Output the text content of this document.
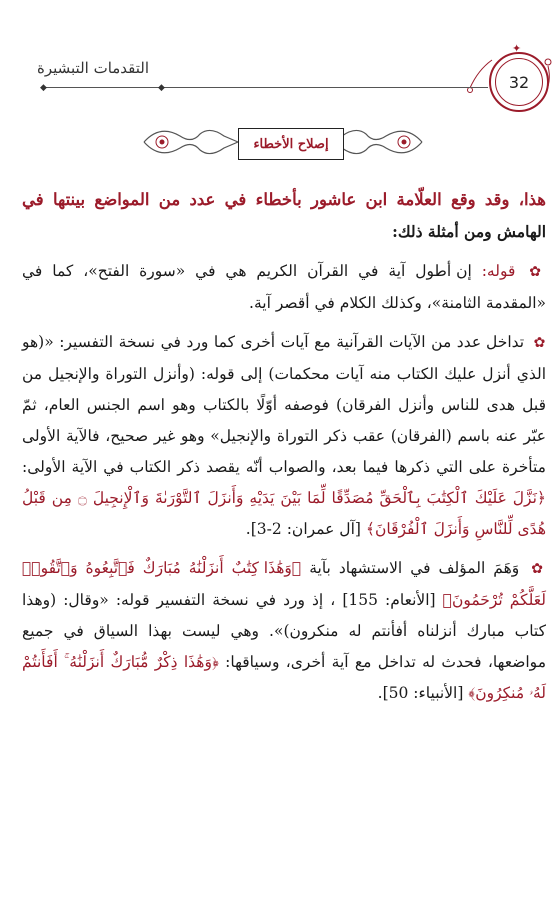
32
✦
التقدمات التبشيرة
◆	◆
إصلاح الأخطاء

هذا، وقد وقع العلّامة ابن عاشور بأخطاء في عدد من المواضع بينتها في الهامش ومن أمثلة ذلك:

✿ قوله: إن أطول آية في القرآن الكريم هي في «سورة الفتح»، كما في «المقدمة الثامنة»، وكذلك الكلام في أقصر آية.

✿ تداخل عدد من الآيات القرآنية مع آيات أخرى كما ورد في نسخة التفسير: «(هو الذي أنزل عليك الكتاب منه آيات محكمات) إلى قوله: (وأنزل التوراة والإنجيل من قبل هدى للناس وأنزل الفرقان) فوصفه أوّلًا بالكتاب وهو اسم الجنس العام، ثمّ عبّر عنه باسم (الفرقان) عقب ذكر التوراة والإنجيل» وهو غير صحيح، فالآية الأولى متأخرة على التي ذكرها فيما بعد، والصواب أنّه يقصد ذكر الكتاب في الآية الأولى: ﴿نَزَّلَ عَلَيْكَ ٱلْكِتَٰبَ بِٱلْحَقِّ مُصَدِّقًا لِّمَا بَيْنَ يَدَيْهِ وَأَنزَلَ ٱلتَّوْرَىٰةَ وَٱلْإِنجِيلَ ۝ مِن قَبْلُ هُدًى لِّلنَّاسِ وَأَنزَلَ ٱلْفُرْقَانَ﴾ [آل عمران: 2-3].

✿ وَهَمَ المؤلف في الاستشهاد بآية ﴿وَهَٰذَا كِتَٰبٌ أَنزَلْنَٰهُ مُبَارَكٌ فَٱتَّبِعُوهُ وَٱتَّقُوا۟ لَعَلَّكُمْ تُرْحَمُونَ﴾ [الأنعام: 155] ، إذ ورد في نسخة التفسير قوله: «وقال: (وهذا كتاب مبارك أنزلناه أفأنتم له منكرون)». وهي ليست بهذا السياق في جميع مواضعها، فحدث له تداخل مع آية أخرى، وسياقها: ﴿وَهَٰذَا ذِكْرٌ مُّبَارَكٌ أَنزَلْنَٰهُ ۚ أَفَأَنتُمْ لَهُۥ مُنكِرُونَ﴾ [الأنبياء: 50].
